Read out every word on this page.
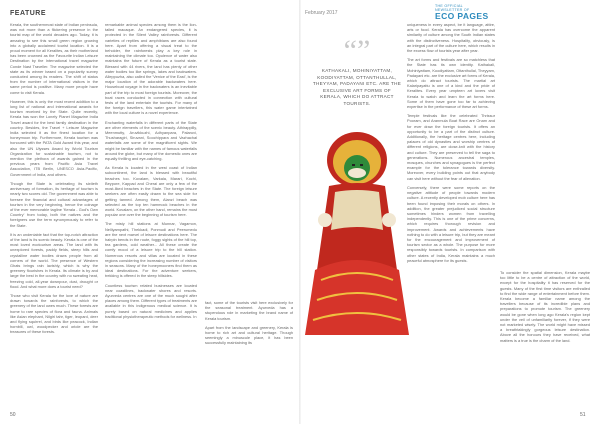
FEATURE	February 2017
THE OFFICIAL NEWSLETTER OF
ECO PAGES

Kerala, the southernmost state of Indian peninsula, was not more than a flickering presence in the tourist map of the world decades ago. Today, it is amazing to see this small green region growing into a globally acclaimed tourist location. It is a proud moment for all Keralites, as their motherland has been crowned as the Favourite Indian Leisure Destination by the International travel magazine Conde Nast Traveller. The magazine selected the state as its winner based on a popularity survey conducted among its readers. The shift of status from the number of international visitors in the same period is positive. Many more people have come to visit Kerala.

However, this is only the most recent addition to a long list of national and international awards for tourism received by the State. Quite recently, Kerala has won the Lonely Planet Magazine India Travel award for the best family destination in the country. Besides, the Travel + Leisure Magazine India selected it as the finest location for a honeymoon trip. Furthermore, Kerala tourism was honoured with the PATA Gold Award this year, and also the UN Ulysses Award by World Tourism Organization for sustainable tourism, not to mention the plethora of awards gained in the previous years from Pacific Asia Travel Association, ITB Berlin, UNESCO Asia-Pacific, Government of India, and others.

Though the State is celebrating its sixtieth anniversary of formation, its heritage of tourism is nearly two scores old. The government was able to foresee the financial and cultural advantages of tourism in the very beginning, hence the coinage of the ever memorable tagline 'Kerala - God's Own Country' from today, both the natives and the foreigners use the term synonymously to refer to the State.

It is an undeniable fact that the top-notch attraction of the land is its scenic beauty. Kerala is one of the most loved ecotourism areas. The land with its unexplored forests, paddy fields, steep hills and crystalline water bodies draws people from all corners of the world. The presence of Western Ghats brings rain lavishly, which is why the greenery flourishes in Kerala. Its climate is by and large the best in the country with no sweating heat, freezing cold, all-year downpour, dust, drought or flood. And what more does a tourist need?

Those who visit Kerala for the love of nature are drawn towards the rainforests, to which the greenery of the land owes much. These forests are home to rare species of flora and fauna. Animals like Asian elephant, Nilgiri tahr, tiger, leopard, deer and flying squirrel, and birds like peacock, Indian hornbill, owl, woodpecker and oriole are the treasures of these forests.

remarkable animal species among them is the lion-tailed macaque. An endangered species, it is protected in the Silent Valley rainforests. Different varieties of reptiles and amphibians are also found here. Apart from offering a visual treat to the beholder, the rainforests play a key role in maintaining the climate too. Opulence of water also maintains the future of Kerala as a tourist state. Blessed with 44 rivers, the land has plenty of other water bodies too like springs, lakes and backwaters. Alleppuzha, also called the 'Venice of the East', is the major location of the adorable backwaters here. Houseboat voyage in the backwaters is an inevitable part of the trip to most foreign tourists. Moreover, the boat races conducted in connection with cultural fests of the land entertain the tourists. For many of the foreign travellers, this water game intertwined with the local culture is a novel experience.

Enchanting waterfalls in different parts of the State are other elements of the scenic beauty. Athirappilly, Meenmutty, Aruvikkuzhi, Adhyanpara, Palaruvi, Thusharagiri, Siruvani, Soochippara and Vazhachal waterfalls are some of the magnificent sights. We might be familiar with the names of famous waterfalls around the globe, but many of the domestic ones are equally thrilling and eye-catching.

As Kerala is located in the west coast of Indian subcontinent, the land is blessed with beautiful beaches too. Kovalam, Varkala, Marari, Kochi, Beypore, Kappad and Cherai are only a few of the most-liked beaches in the State. The foreign leisure seekers are often easily drawn to the sea side for getting tanned. Among them, Alanzi beach was selected as the top ten hammock beaches in the world. Kovalam, on the other hand, remains the most popular one over the beginning of tourism here.

The misty hill stations at Munnar, Vagamon, Nelliyampathi, Thekkadi, Ponmudi and Peerumedu are the next marvel of leisure destinations here. The hairpin bends in the route, foggy sights of the hill top, tea gardens, cold weather... All these create the comfy mood of a leisure trip to the hill station. Numerous resorts and villas are located in these regions considering the increasing number of visitors in seasons. Many of the honeymooners find them as ideal destinations. For the adventure seekers, trekking is offered in the steep hillsides.

Countless tourism related businesses are located near coastlines, backwater shores and resorts. Ayurveda centres are one of the much sought after places among them. Different types of treatments are available in this indigenous medical science. It is purely based on natural medicines and applies traditional physiotherapeutic methods for wellness. In

fact, some of the tourists visit here exclusively for the seasonal treatment. Ayurveda has a stupendous role in marketing the brand name of Kerala tourism.

Apart from the landscape and greenery, Kerala is home to rich art and cultural heritage. Though seemingly a minuscule place, it has been successfully maintaining its

“”
KATHAKALI, MOHINIYATTAM, KOODIYATTAM, OTTANTHULLAL, THEYYAM, PADAYANI ETC. ARE THE EXCLUSIVE ART FORMS OF KERALA, WHICH DO ATTRACT TOURISTS.

uniqueness in every aspect, be it language, attire, arts or food. Kerala has overcome the apparent similarity of culture among the South Indian states with the distinctiveness. Hospitality, obviously, is an integral part of the culture here, which results in the excess flow of tourists year after year.

The art forms and festivals are so matchless that the State has its own identity. Kathakali, Mohiniyattam, Koodiyattam, Ottanthullal, Theyyam, Padayani etc. are the exclusive art forms of Kerala, which do attract tourists. The martial art Kalaripayattu is one of a kind and the pride of Keralites. Every year umpteen art lovers visit Kerala to watch and learn the art forms here. Some of them have gone too far to achieving expertise in the performance of these art forms.

Temple festivals like the celebrated Thrissur Pooram, and Aranmula Boat Race are Onam and for ever draw the foreign tourists. It offers an opportunity to be a part of the distinct culture. Additionally, the heritage centres here, including palaces of old dynasties and worship centres of different religions, are close-knit with the history and culture. They are preserved to tell the saga to generations. Numerous ancestral temples, mosques, churches and synagogues is the perfect example for the tolerance towards diversity. Moreover, every building points out that anybody can visit here without the fear of alienation.

Conversely, there were some reports on the negative attitude of people towards modern culture. A recently developed mob culture here has been found imposing their morals on others. In addition, the greater prejudiced social structure sometimes hinders women from travelling independently. This is one of the prime concerns, which requires thorough revision and improvement. Awards and achievements have nothing to do with a leisure trip, but they are meant for the encouragement and improvement of tourism sector as a whole. The purpose for more responsibly towards tourists. In comparison with other states of India, Kerala maintains a much peaceful atmosphere for its guests.

To consider the spatial dimension, Kerala maybe too little to be a centre of attraction of the world, except for the hospitality it has reserved for the guests. Many of the first time visitors are enthralled to find the wide range of entertainment before them. Kerala become a familiar name among the travellers because of its incredible plans and preparations to promote tourism. The greenery would be gone when long ago Kerala's region kept under the veil of unfamiliarity forever, if they were not marketed wisely. The world might have missed a breathtakingly gorgeous leisure destination. Above all the honours they have received, what matters is a true is the charm of the land.

50	51
